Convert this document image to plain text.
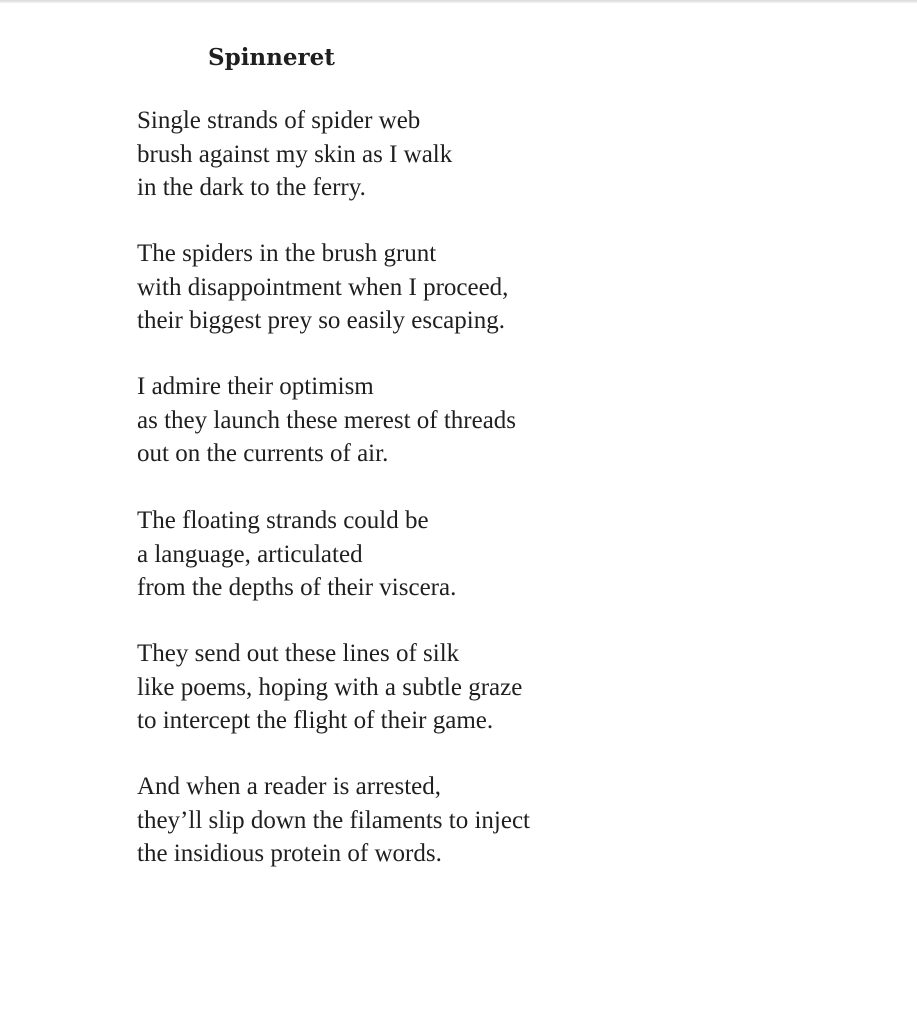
Spinneret
Single strands of spider web
brush against my skin as I walk
in the dark to the ferry.
The spiders in the brush grunt
with disappointment when I proceed,
their biggest prey so easily escaping.
I admire their optimism
as they launch these merest of threads
out on the currents of air.
The floating strands could be
a language, articulated
from the depths of their viscera.
They send out these lines of silk
like poems, hoping with a subtle graze
to intercept the flight of their game.
And when a reader is arrested,
they’ll slip down the filaments to inject
the insidious protein of words.
